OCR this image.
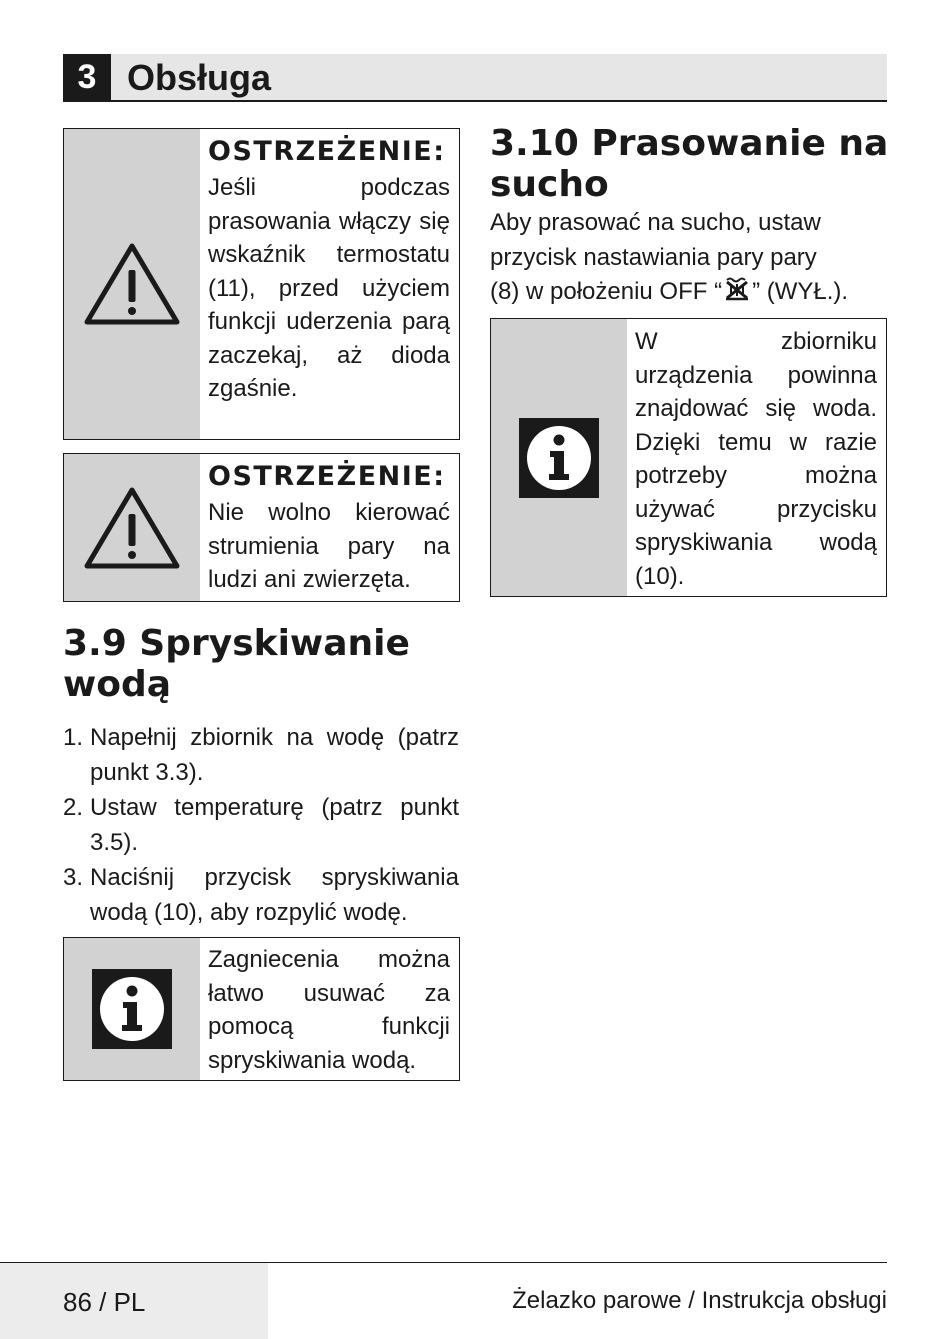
3 Obsługa
OSTRZEŻENIE:
Jeśli podczas prasowania włączy się wskaźnik termostatu (11), przed użyciem funkcji uderzenia parą zaczekaj, aż dioda zgaśnie.
OSTRZEŻENIE:
Nie wolno kierować strumienia pary na ludzi ani zwierzęta.
3.9 Spryskiwanie
wodą
1. Napełnij zbiornik na wodę (patrz punkt 3.3).
2. Ustaw temperaturę (patrz punkt 3.5).
3. Naciśnij przycisk spryskiwania wodą (10), aby rozpylić wodę.
Zagniecenia można łatwo usuwać za pomocą funkcji spryskiwania wodą.
3.10 Prasowanie na
sucho
Aby prasować na sucho, ustaw
przycisk nastawiania pary pary
(8) w położeniu OFF “ ” (WYŁ.).
W zbiorniku urządzenia powinna znajdować się woda. Dzięki temu w razie potrzeby można używać przycisku spryskiwania wodą (10).
86 / PL	Żelazko parowe / Instrukcja obsługi
